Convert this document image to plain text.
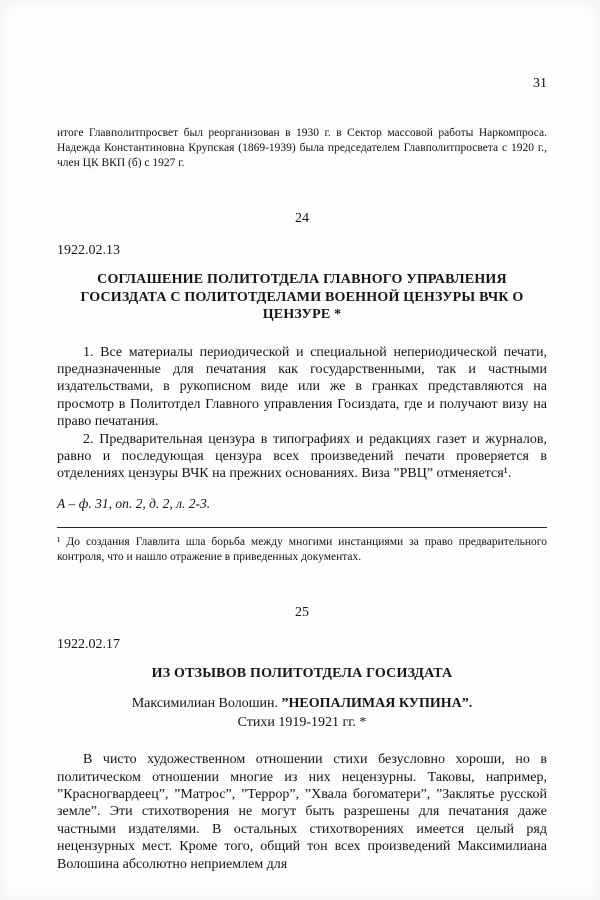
31

итоге Главполитпросвет был реорганизован в 1930 г. в Сектор массовой работы Наркомпроса. Надежда Константиновна Крупская (1869-1939) была председателем Главполитпросвета с 1920 г., член ЦК ВКП (б) с 1927 г.

24
1922.02.13
СОГЛАШЕНИЕ ПОЛИТОТДЕЛА ГЛАВНОГО УПРАВЛЕНИЯ ГОСИЗДАТА С ПОЛИТОТДЕЛАМИ ВОЕННОЙ ЦЕНЗУРЫ ВЧК О ЦЕНЗУРЕ *

1. Все материалы периодической и специальной непериодической печати, предназначенные для печатания как государственными, так и частными издательствами, в рукописном виде или же в гранках представляются на просмотр в Политотдел Главного управления Госиздата, где и получают визу на право печатания.

2. Предварительная цензура в типографиях и редакциях газет и журналов, равно и последующая цензура всех произведений печати проверяется в отделениях цензуры ВЧК на прежних основаниях. Виза ”РВЦ” отменяется¹.

А – ф. 31, оп. 2, д. 2, л. 2-3.

¹ До создания Главлита шла борьба между многими инстанциями за право предварительного контроля, что и нашло отражение в приведенных документах.

25
1922.02.17
ИЗ ОТЗЫВОВ ПОЛИТОТДЕЛА ГОСИЗДАТА
Максимилиан Волошин. ”НЕОПАЛИМАЯ КУПИНА”.
Стихи 1919-1921 гг. *

В чисто художественном отношении стихи безусловно хороши, но в политическом отношении многие из них нецензурны. Таковы, например, ”Красногвардеец”, ”Матрос”, ”Террор”, ”Хвала богоматери”, ”Заклятье русской земле”. Эти стихотворения не могут быть разрешены для печатания даже частными издателями. В остальных стихотворениях имеется целый ряд нецензурных мест. Кроме того, общий тон всех произведений Максимилиана Волошина абсолютно неприемлем для
